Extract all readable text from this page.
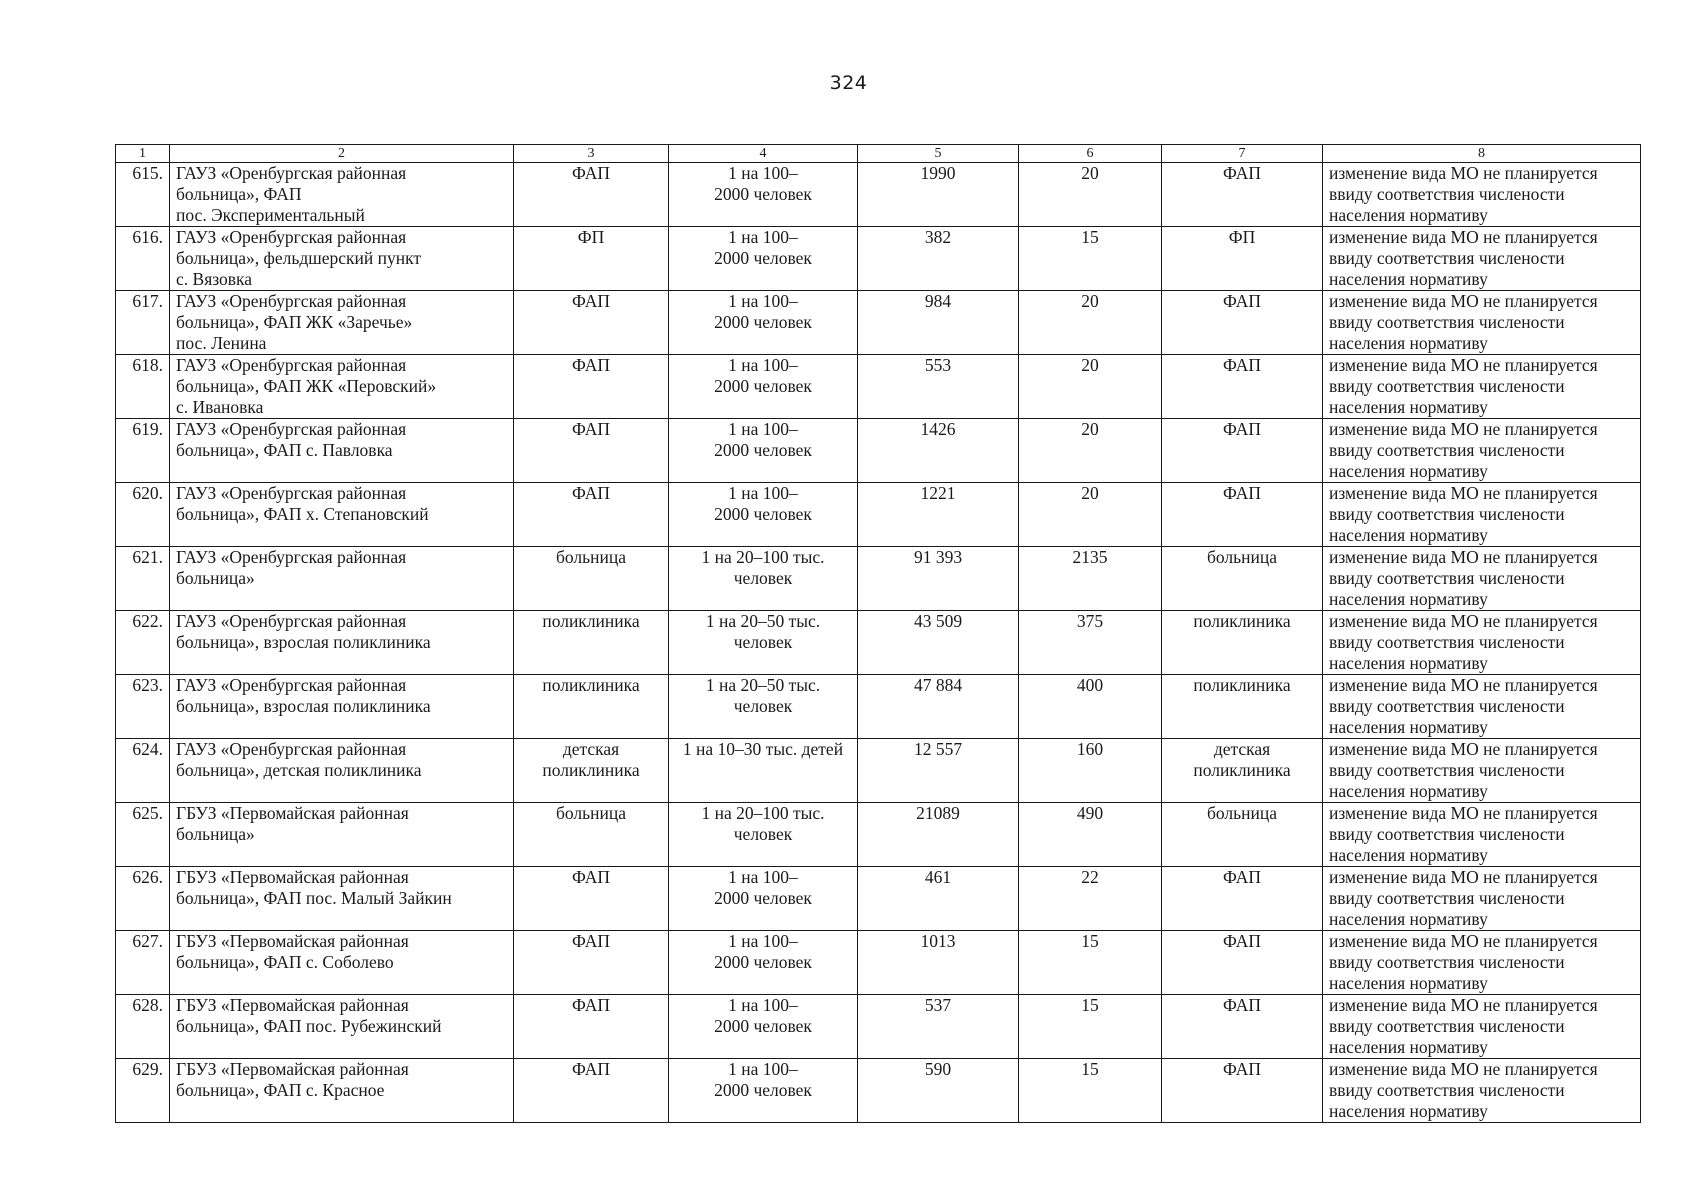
324
1	2	3	4	5	6	7	8

615.	ГАУЗ «Оренбургская районная
больница», ФАП
пос. Экспериментальный	ФАП	1 на 100–
2000 человек	1990	20	ФАП	изменение вида МО не планируется
ввиду соответствия числености
населения нормативу

616.	ГАУЗ «Оренбургская районная
больница», фельдшерский пункт
с. Вязовка	ФП	1 на 100–
2000 человек	382	15	ФП	изменение вида МО не планируется
ввиду соответствия числености
населения нормативу

617.	ГАУЗ «Оренбургская районная
больница», ФАП ЖК «Заречье»
пос. Ленина	ФАП	1 на 100–
2000 человек	984	20	ФАП	изменение вида МО не планируется
ввиду соответствия числености
населения нормативу

618.	ГАУЗ «Оренбургская районная
больница», ФАП ЖК «Перовский»
с. Ивановка	ФАП	1 на 100–
2000 человек	553	20	ФАП	изменение вида МО не планируется
ввиду соответствия числености
населения нормативу

619.	ГАУЗ «Оренбургская районная
больница», ФАП с. Павловка	ФАП	1 на 100–
2000 человек	1426	20	ФАП	изменение вида МО не планируется
ввиду соответствия числености
населения нормативу

620.	ГАУЗ «Оренбургская районная
больница», ФАП х. Степановский	ФАП	1 на 100–
2000 человек	1221	20	ФАП	изменение вида МО не планируется
ввиду соответствия числености
населения нормативу

621.	ГАУЗ «Оренбургская районная
больница»	больница	1 на 20–100 тыс.
человек	91 393	2135	больница	изменение вида МО не планируется
ввиду соответствия числености
населения нормативу

622.	ГАУЗ «Оренбургская районная
больница», взрослая поликлиника	поликлиника	1 на 20–50 тыс.
человек	43 509	375	поликлиника	изменение вида МО не планируется
ввиду соответствия числености
населения нормативу

623.	ГАУЗ «Оренбургская районная
больница», взрослая поликлиника	поликлиника	1 на 20–50 тыс.
человек	47 884	400	поликлиника	изменение вида МО не планируется
ввиду соответствия числености
населения нормативу

624.	ГАУЗ «Оренбургская районная
больница», детская поликлиника	детская
поликлиника	1 на 10–30 тыс. детей	12 557	160	детская
поликлиника	изменение вида МО не планируется
ввиду соответствия числености
населения нормативу

625.	ГБУЗ «Первомайская районная
больница»	больница	1 на 20–100 тыс.
человек	21089	490	больница	изменение вида МО не планируется
ввиду соответствия числености
населения нормативу

626.	ГБУЗ «Первомайская районная
больница», ФАП пос. Малый Зайкин	ФАП	1 на 100–
2000 человек	461	22	ФАП	изменение вида МО не планируется
ввиду соответствия числености
населения нормативу

627.	ГБУЗ «Первомайская районная
больница», ФАП с. Соболево	ФАП	1 на 100–
2000 человек	1013	15	ФАП	изменение вида МО не планируется
ввиду соответствия числености
населения нормативу

628.	ГБУЗ «Первомайская районная
больница», ФАП пос. Рубежинский	ФАП	1 на 100–
2000 человек	537	15	ФАП	изменение вида МО не планируется
ввиду соответствия числености
населения нормативу

629.	ГБУЗ «Первомайская районная
больница», ФАП с. Красное	ФАП	1 на 100–
2000 человек	590	15	ФАП	изменение вида МО не планируется
ввиду соответствия числености
населения нормативу
